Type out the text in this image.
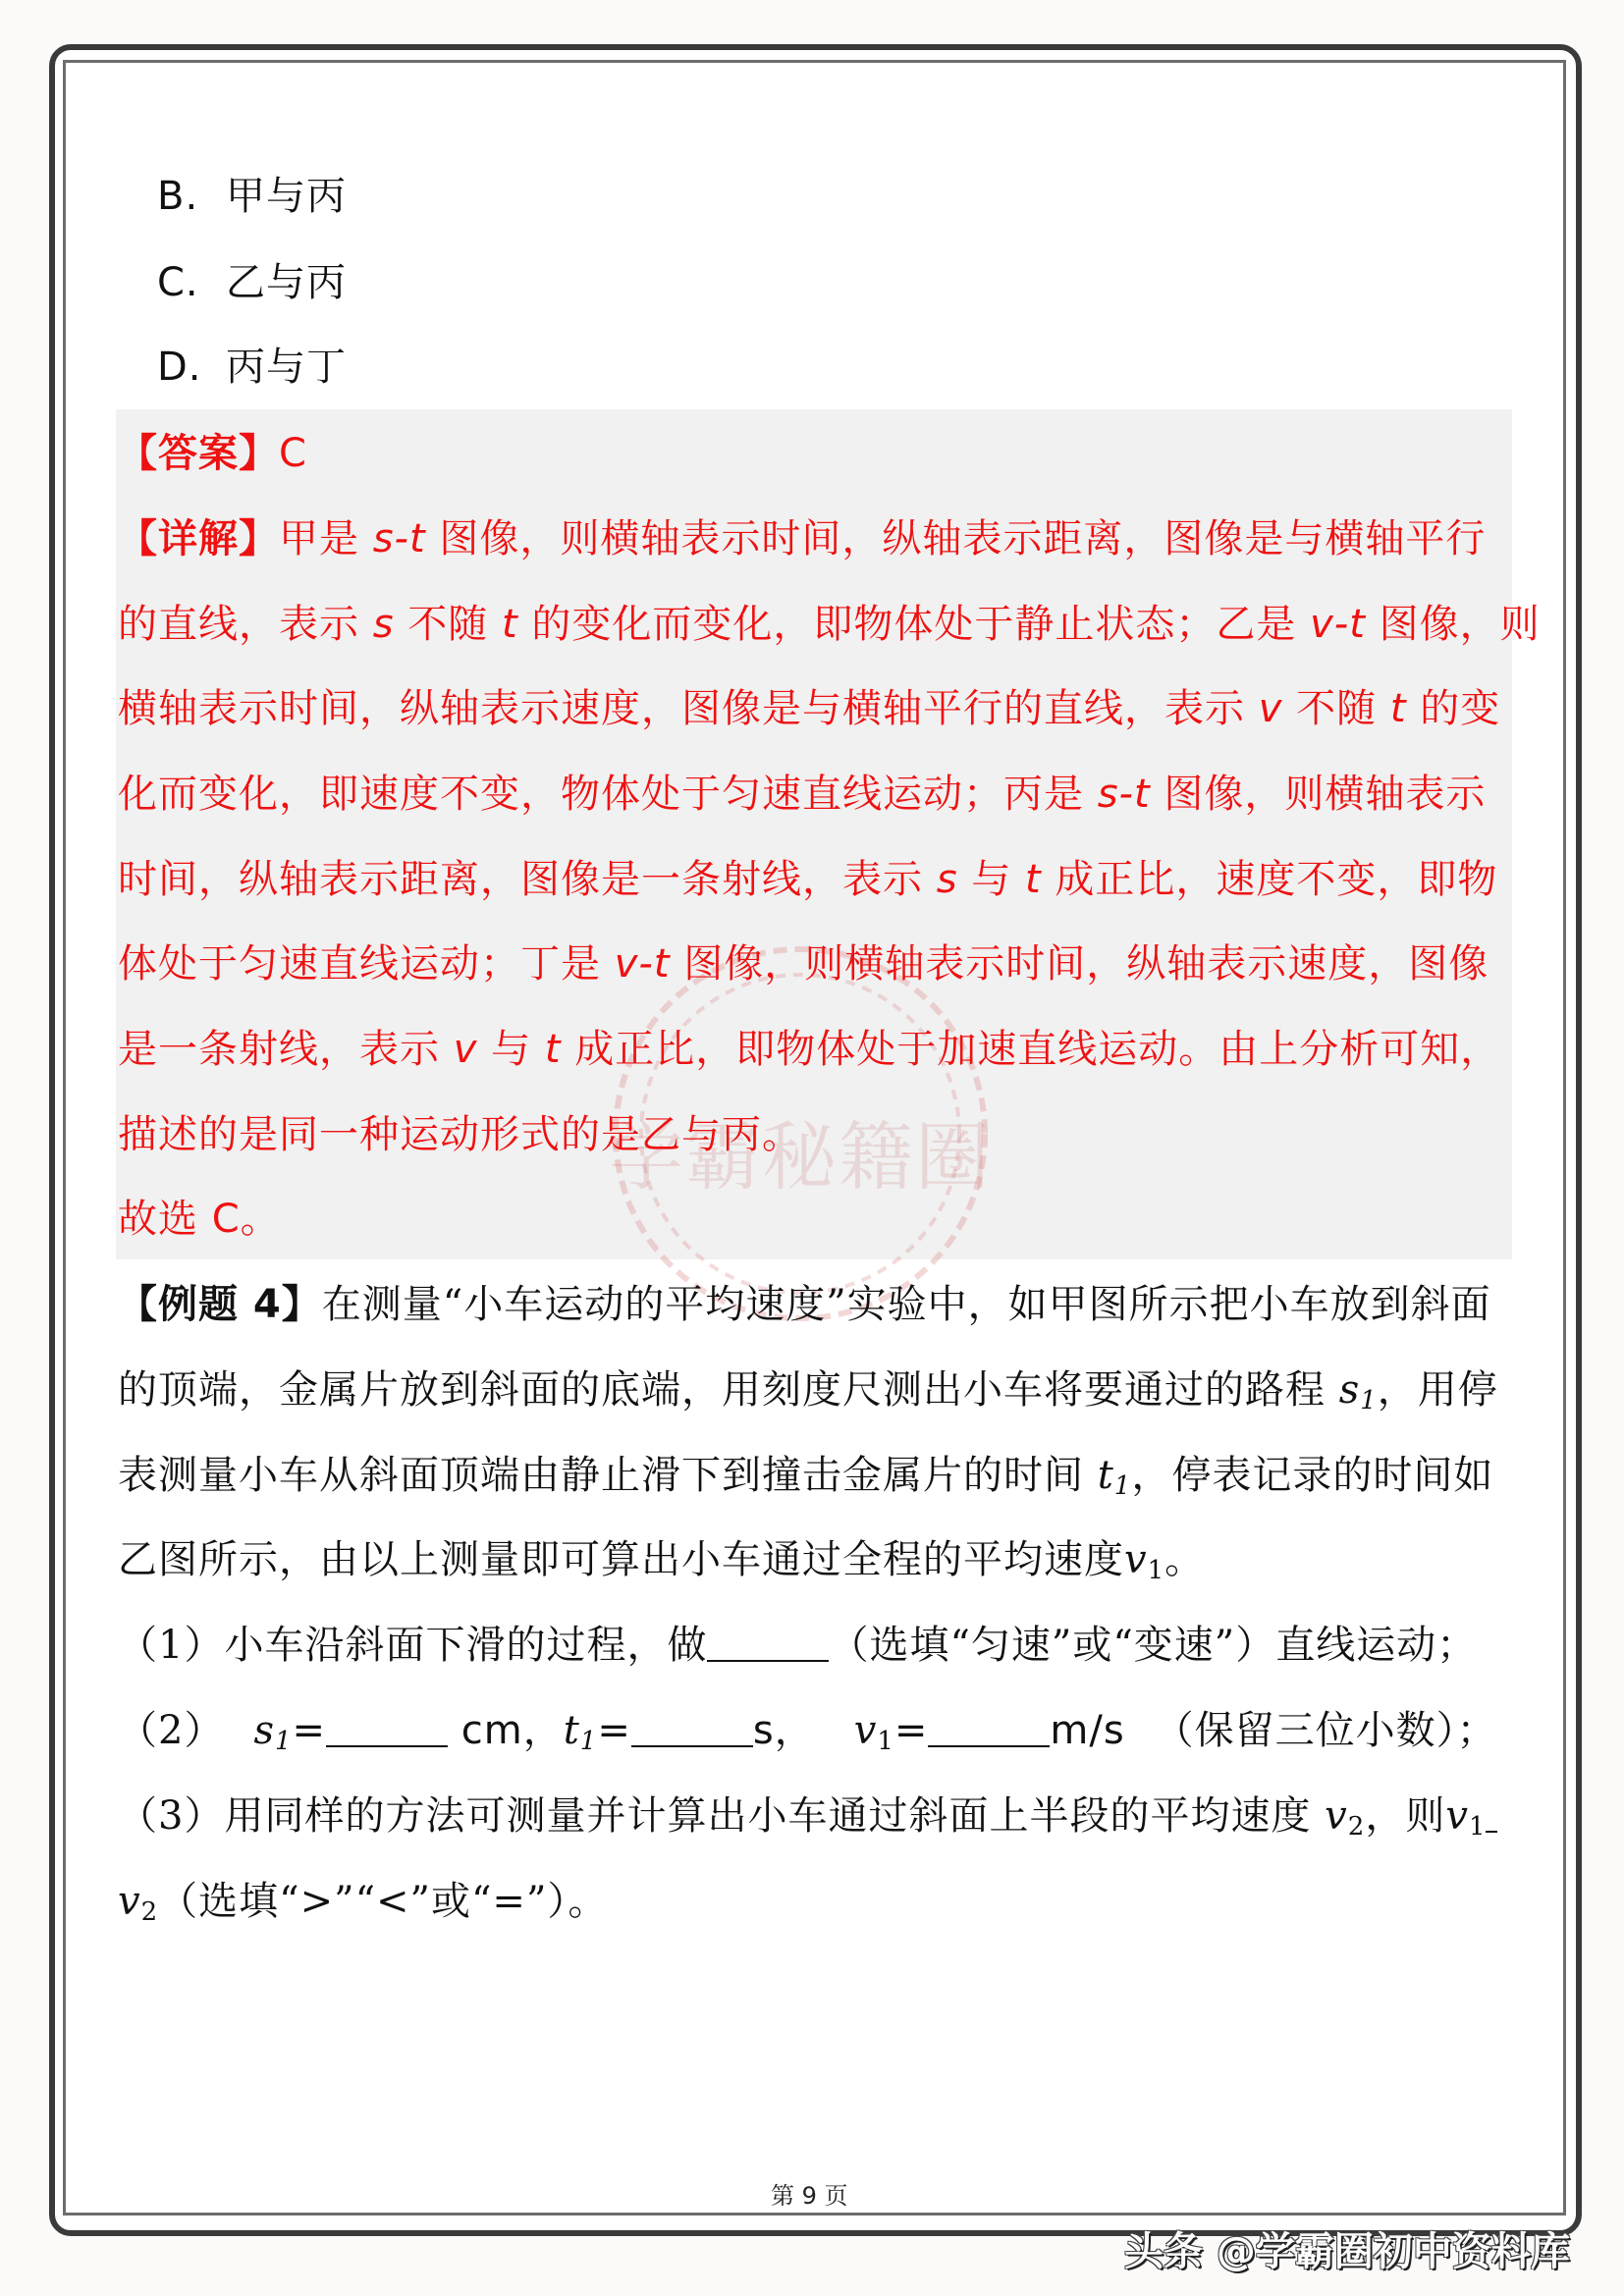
B. 甲与丙
C. 乙与丙
D. 丙与丁
学霸秘籍圈
【答案】C
【详解】甲是 s-t 图像，则横轴表示时间，纵轴表示距离，图像是与横轴平行
的直线，表示 s 不随 t 的变化而变化，即物体处于静止状态；乙是 v-t 图像，则
横轴表示时间，纵轴表示速度，图像是与横轴平行的直线，表示 v 不随 t 的变
化而变化，即速度不变，物体处于匀速直线运动；丙是 s-t 图像，则横轴表示
时间，纵轴表示距离，图像是一条射线，表示 s 与 t 成正比，速度不变，即物
体处于匀速直线运动；丁是 v-t 图像，则横轴表示时间，纵轴表示速度，图像
是一条射线，表示 v 与 t 成正比，即物体处于加速直线运动。由上分析可知，
描述的是同一种运动形式的是乙与丙。
故选 C。
【例题 4】在测量“小车运动的平均速度”实验中，如甲图所示把小车放到斜面
的顶端，金属片放到斜面的底端，用刻度尺测出小车将要通过的路程 s1，用停
表测量小车从斜面顶端由静止滑下到撞击金属片的时间 t1，停表记录的时间如
乙图所示，由以上测量即可算出小车通过全程的平均速度$v_1$。
（1）小车沿斜面下滑的过程，做	（选填“匀速”或“变速”）直线运动；
（2） s1=	cm，t1=	s， $v_1=$	m/s （保留三位小数）；
（3）用同样的方法可测量并计算出小车通过斜面上半段的平均速度 $v_2$，则$v_1$
$v_2$（选填“>”“<”或“=”）。
第 9 页
头条 @学霸圈初中资料库
